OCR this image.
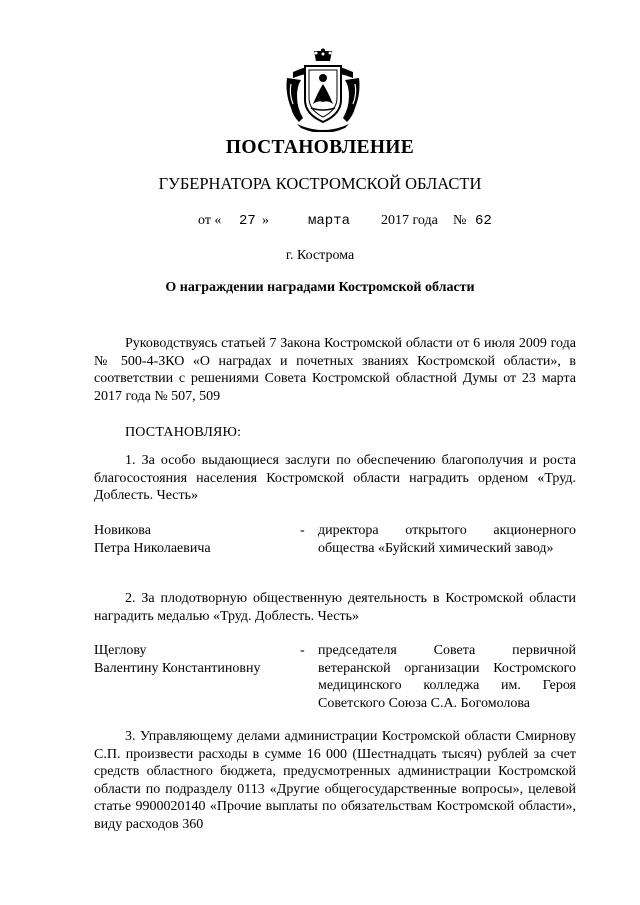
ПОСТАНОВЛЕНИЕ
ГУБЕРНАТОРА КОСТРОМСКОЙ ОБЛАСТИ
от « 27 »	марта 2017 года № 62
г. Кострома
О награждении наградами Костромской области
Руководствуясь статьей 7 Закона Костромской области от 6 июля 2009 года № 500-4-ЗКО «О наградах и почетных званиях Костромской области», в соответствии с решениями Совета Костромской областной Думы от 23 марта 2017 года № 507, 509
ПОСТАНОВЛЯЮ:
1. За особо выдающиеся заслуги по обеспечению благополучия и роста благосостояния населения Костромской области наградить орденом «Труд. Доблесть. Честь»
Новикова
Петра Николаевича
- директора открытого акционерного общества «Буйский химический завод»
2. За плодотворную общественную деятельность в Костромской области наградить медалью «Труд. Доблесть. Честь»
Щеглову
Валентину Константиновну
- председателя Совета первичной ветеранской организации Костромского медицинского колледжа им. Героя Советского Союза С.А. Богомолова
3. Управляющему делами администрации Костромской области Смирнову С.П. произвести расходы в сумме 16 000 (Шестнадцать тысяч) рублей за счет средств областного бюджета, предусмотренных администрации Костромской области по подразделу 0113 «Другие общегосударственные вопросы», целевой статье 9900020140 «Прочие выплаты по обязательствам Костромской области», виду расходов 360
